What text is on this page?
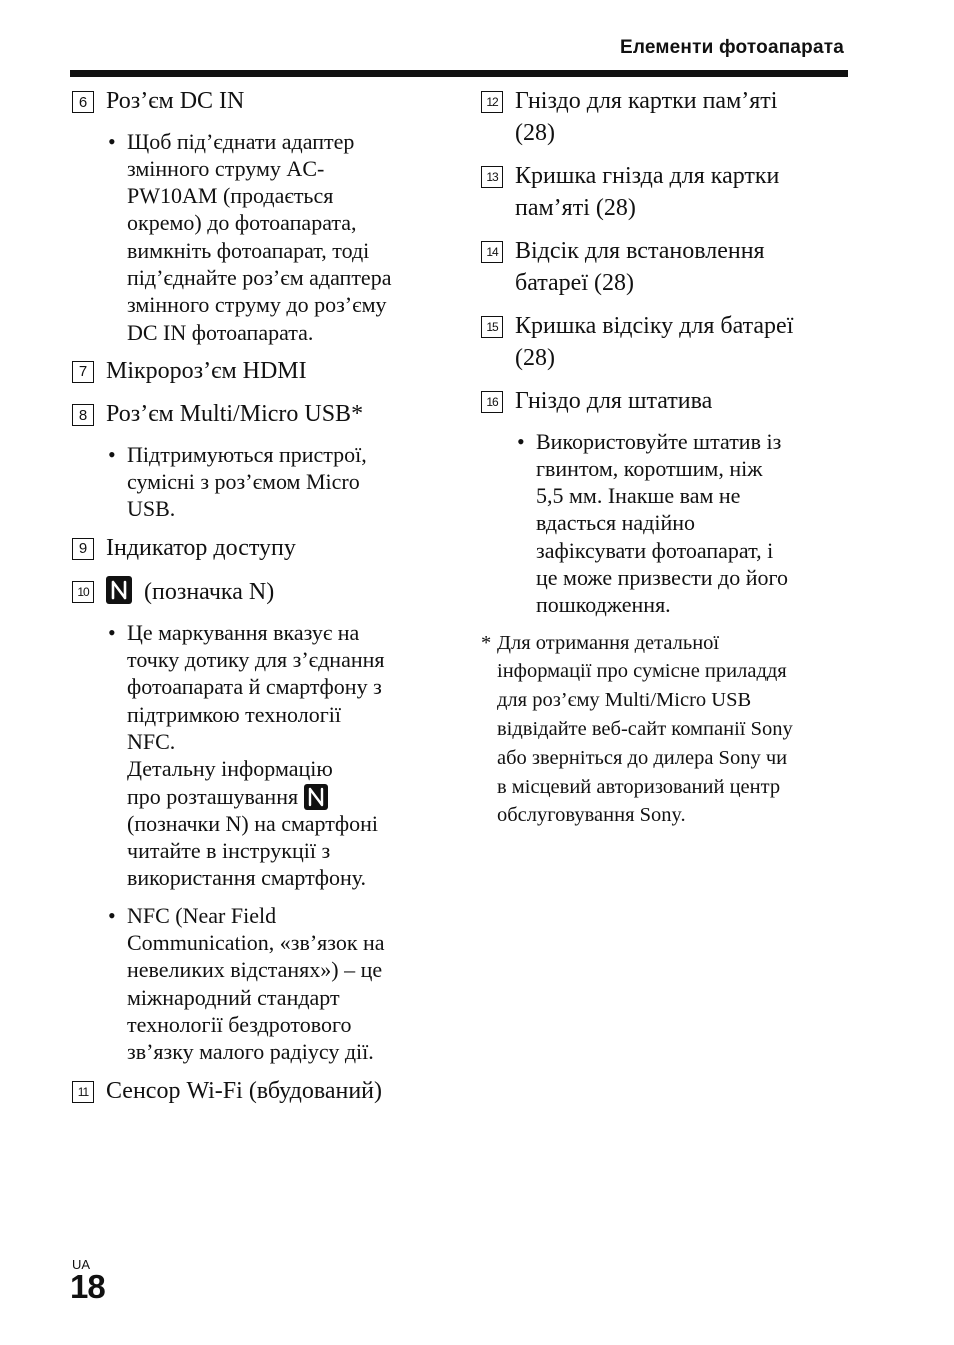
Елементи фотоапарата
6 Роз’єм DC IN
• Щоб під’єднати адаптер
змінного струму AC-
PW10AM (продається
окремо) до фотоапарата,
вимкніть фотоапарат, тоді
під’єднайте роз’єм адаптера
змінного струму до роз’єму
DC IN фотоапарата.
7 Мікророз’єм HDMI
8 Роз’єм Multi/Micro USB*
• Підтримуються пристрої,
сумісні з роз’ємом Micro
USB.
9 Індикатор доступу
10	(позначка N)
• Це маркування вказує на
точку дотику для з’єднання
фотоапарата й смартфону з
підтримкою технології
NFC.
Детальну інформацію
про розташування
(позначки N) на смартфоні
читайте в інструкції з
використання смартфону.
• NFC (Near Field
Communication, «зв’язок на
невеликих відстанях») – це
міжнародний стандарт
технології бездротового
зв’язку малого радіусу дії.
11 Сенсор Wi-Fi (вбудований)
12 Гніздо для картки пам’яті
(28)
13 Кришка гнізда для картки
пам’яті (28)
14 Відсік для встановлення
батареї (28)
15 Кришка відсіку для батареї
(28)
16 Гніздо для штатива
• Використовуйте штатив із
гвинтом, коротшим, ніж
5,5 мм. Інакше вам не
вдасться надійно
зафіксувати фотоапарат, і
це може призвести до його
пошкодження.
* Для отримання детальної
інформації про сумісне приладдя
для роз’єму Multi/Micro USB
відвідайте веб-сайт компанії Sony
або зверніться до дилера Sony чи
в місцевий авторизований центр
обслуговування Sony.
UA
18
